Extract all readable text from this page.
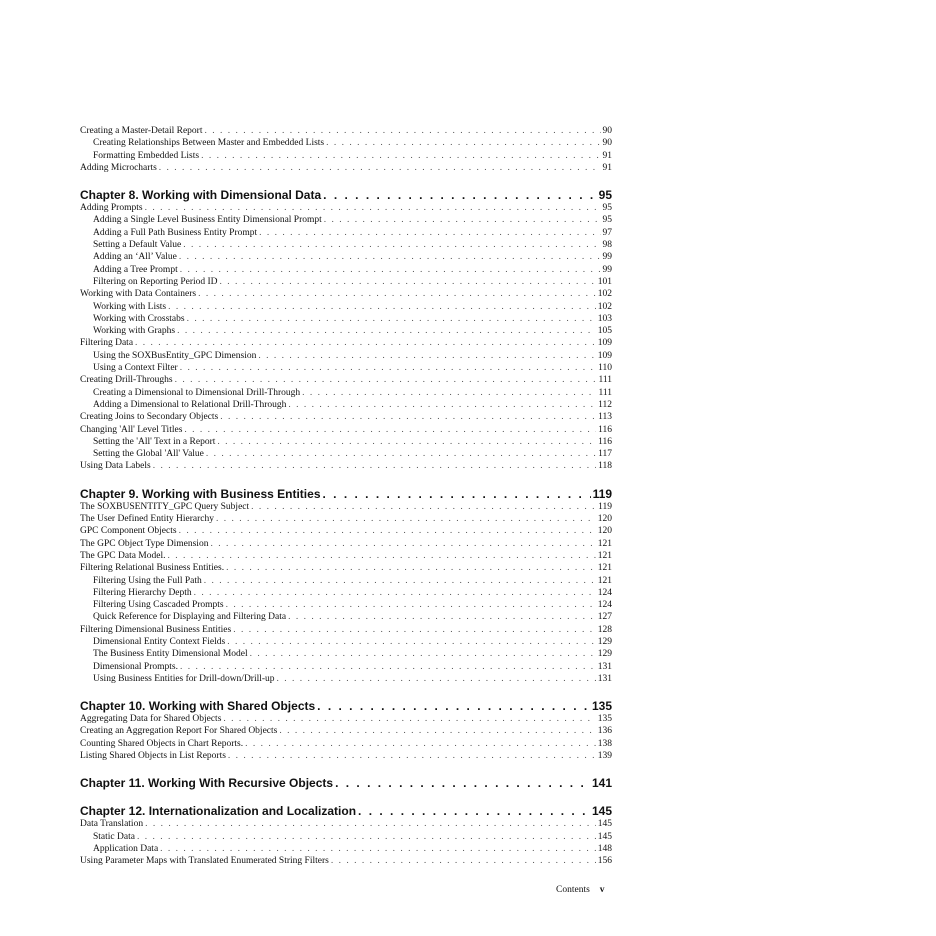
Creating a Master-Detail Report . . .	90
Creating Relationships Between Master and Embedded Lists . . .	90
Formatting Embedded Lists . . .	91
Adding Microcharts . . .	91
Chapter 8. Working with Dimensional Data . . .	95
Adding Prompts . . .	95
Adding a Single Level Business Entity Dimensional Prompt . . .	95
Adding a Full Path Business Entity Prompt . . .	97
Setting a Default Value . . .	98
Adding an ‘All’ Value . . .	99
Adding a Tree Prompt . . .	99
Filtering on Reporting Period ID . . .	101
Working with Data Containers . . .	102
Working with Lists . . .	102
Working with Crosstabs . . .	103
Working with Graphs . . .	105
Filtering Data . . .	109
Using the SOXBusEntity_GPC Dimension . . .	109
Using a Context Filter . . .	110
Creating Drill-Throughs . . .	111
Creating a Dimensional to Dimensional Drill-Through . . .	111
Adding a Dimensional to Relational Drill-Through . . .	112
Creating Joins to Secondary Objects . . .	113
Changing 'All' Level Titles . . .	116
Setting the 'All' Text in a Report . . .	116
Setting the Global 'All' Value . . .	117
Using Data Labels . . .	118
Chapter 9. Working with Business Entities . . .	119
The SOXBUSENTITY_GPC Query Subject . . .	119
The User Defined Entity Hierarchy . . .	120
GPC Component Objects . . .	120
The GPC Object Type Dimension . . .	121
The GPC Data Model. . . .	121
Filtering Relational Business Entities. . . .	121
Filtering Using the Full Path . . .	121
Filtering Hierarchy Depth . . .	124
Filtering Using Cascaded Prompts . . .	124
Quick Reference for Displaying and Filtering Data . . .	127
Filtering Dimensional Business Entities . . .	128
Dimensional Entity Context Fields . . .	129
The Business Entity Dimensional Model . . .	129
Dimensional Prompts. . . .	131
Using Business Entities for Drill-down/Drill-up . . .	131
Chapter 10. Working with Shared Objects . . .	135
Aggregating Data for Shared Objects . . .	135
Creating an Aggregation Report For Shared Objects . . .	136
Counting Shared Objects in Chart Reports. . . .	138
Listing Shared Objects in List Reports . . .	139
Chapter 11. Working With Recursive Objects . . .	141
Chapter 12. Internationalization and Localization . . .	145
Data Translation . . .	145
Static Data . . .	145
Application Data . . .	148
Using Parameter Maps with Translated Enumerated String Filters . . .	156
Contents v
